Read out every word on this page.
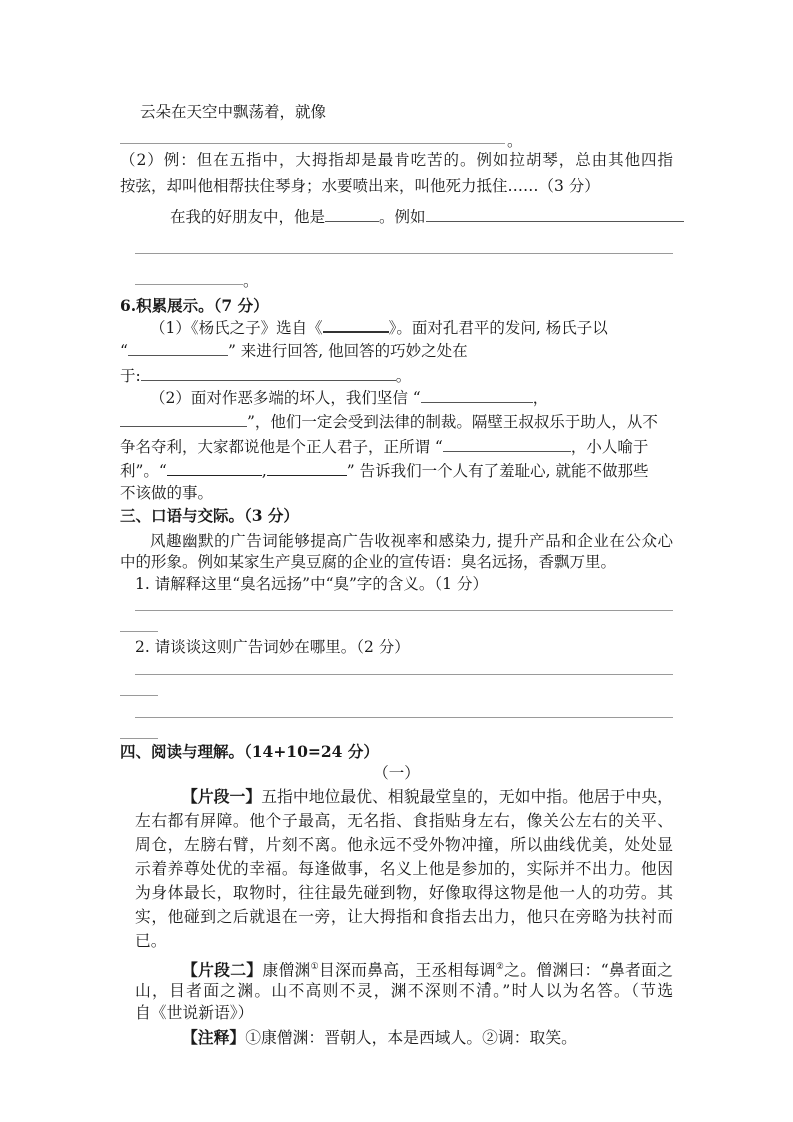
云朵在天空中飘荡着，就像
。
（2）例：但在五指中，大拇指却是最肯吃苦的。例如拉胡琴，总由其他四指
按弦，却叫他相帮扶住琴身；水要喷出来，叫他死力抵住……（3 分）
在我的好朋友中，他是	。例如
。
6.积累展示。（7 分）
（1）《杨氏之子》选自《	》。面对孔君平的发问, 杨氏子以
“	” 来进行回答, 他回答的巧妙之处在
于:	。
（2）面对作恶多端的坏人，我们坚信 “	，
”，他们一定会受到法律的制裁。隔壁王叔叔乐于助人，从不
争名夺利，大家都说他是个正人君子，正所谓 “	，小人喻于
利”。“	,	” 告诉我们一个人有了羞耻心, 就能不做那些
不该做的事。
三、口语与交际。（3 分）
风趣幽默的广告词能够提高广告收视率和感染力, 提升产品和企业在公众心
中的形象。例如某家生产臭豆腐的企业的宣传语：臭名远扬，香飘万里。
1. 请解释这里“臭名远扬”中“臭”字的含义。（1 分）
2. 请谈谈这则广告词妙在哪里。（2 分）
四、阅读与理解。（14+10=24 分）
（一）
【片段一】五指中地位最优、相貌最堂皇的，无如中指。他居于中央，
左右都有屏障。他个子最高，无名指、食指贴身左右，像关公左右的关平、
周仓，左膀右臂，片刻不离。他永远不受外物冲撞，所以曲线优美，处处显
示着养尊处优的幸福。每逢做事，名义上他是参加的，实际并不出力。他因
为身体最长，取物时，往往最先碰到物，好像取得这物是他一人的功劳。其
实，他碰到之后就退在一旁，让大拇指和食指去出力，他只在旁略为扶衬而
已。
【片段二】康僧渊①目深而鼻高，王丞相每调②之。僧渊曰：“鼻者面之
山，目者面之渊。山不高则不灵，渊不深则不清。”时人以为名答。（节选
自《世说新语》）
【注释】①康僧渊：晋朝人，本是西域人。②调：取笑。
